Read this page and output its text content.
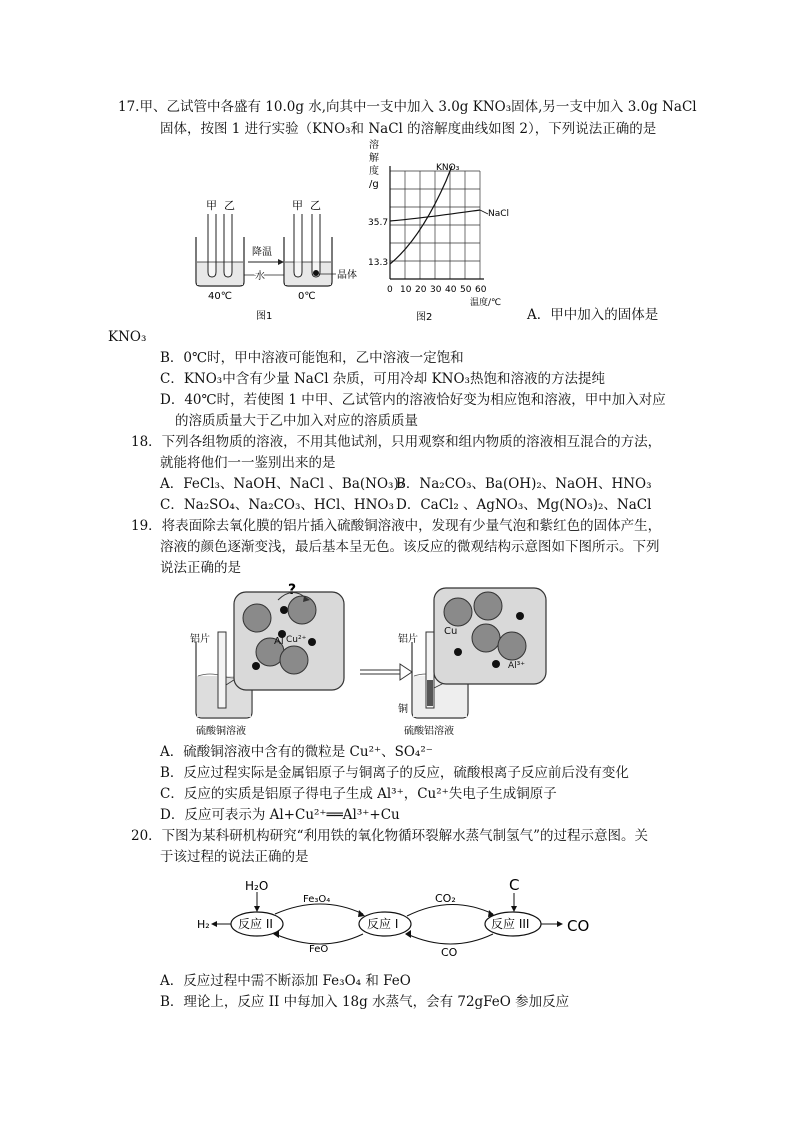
17.甲、乙试管中各盛有 10.0g 水,向其中一支中加入 3.0g KNO₃固体,另一支中加入 3.0g NaCl
固体，按图 1 进行实验（KNO₃和 NaCl 的溶解度曲线如图 2），下列说法正确的是
甲 乙	甲 乙
降温
水	晶体
40℃	0℃
图1
溶
解
度
/g
KNO₃
NaCl
35.7
13.3
0 10 20 30 40 50 60
温度/℃
图2	A．甲中加入的固体是
KNO₃
B．0℃时，甲中溶液可能饱和，乙中溶液一定饱和
C．KNO₃中含有少量 NaCl 杂质，可用冷却 KNO₃热饱和溶液的方法提纯
D．40℃时，若使图 1 中甲、乙试管内的溶液恰好变为相应饱和溶液，甲中加入对应
的溶质质量大于乙中加入对应的溶质质量
18．下列各组物质的溶液，不用其他试剂，只用观察和组内物质的溶液相互混合的方法，
就能将他们一一鉴别出来的是
A．FeCl₃、NaOH、NaCl 、Ba(NO₃)₂
B．Na₂CO₃、Ba(OH)₂、NaOH、HNO₃
C．Na₂SO₄、Na₂CO₃、HCl、HNO₃ D．CaCl₂ 、AgNO₃、Mg(NO₃)₂、NaCl
19．将表面除去氧化膜的铝片插入硫酸铜溶液中，发现有少量气泡和紫红色的固体产生，
溶液的颜色逐渐变浅，最后基本呈无色。该反应的微观结构示意图如下图所示。下列
说法正确的是
铝片
硫酸铜溶液
Al Cu²⁺
?
铝片
铜
硫酸铝溶液
Cu
Al³⁺
A．硫酸铜溶液中含有的微粒是 Cu²⁺、SO₄²⁻
B．反应过程实际是金属铝原子与铜离子的反应，硫酸根离子反应前后没有变化
C．反应的实质是铝原子得电子生成 Al³⁺，Cu²⁺失电子生成铜原子
D．反应可表示为 Al+Cu²⁺══Al³⁺+Cu
20．下图为某科研机构研究“利用铁的氧化物循环裂解水蒸气制氢气”的过程示意图。关
于该过程的说法正确的是
H₂O
反应 II
H₂
Fe₃O₄
FeO
反应 I
CO₂
CO
C
反应 III	CO
A．反应过程中需不断添加 Fe₃O₄ 和 FeO
B．理论上，反应 II 中每加入 18g 水蒸气，会有 72gFeO 参加反应
